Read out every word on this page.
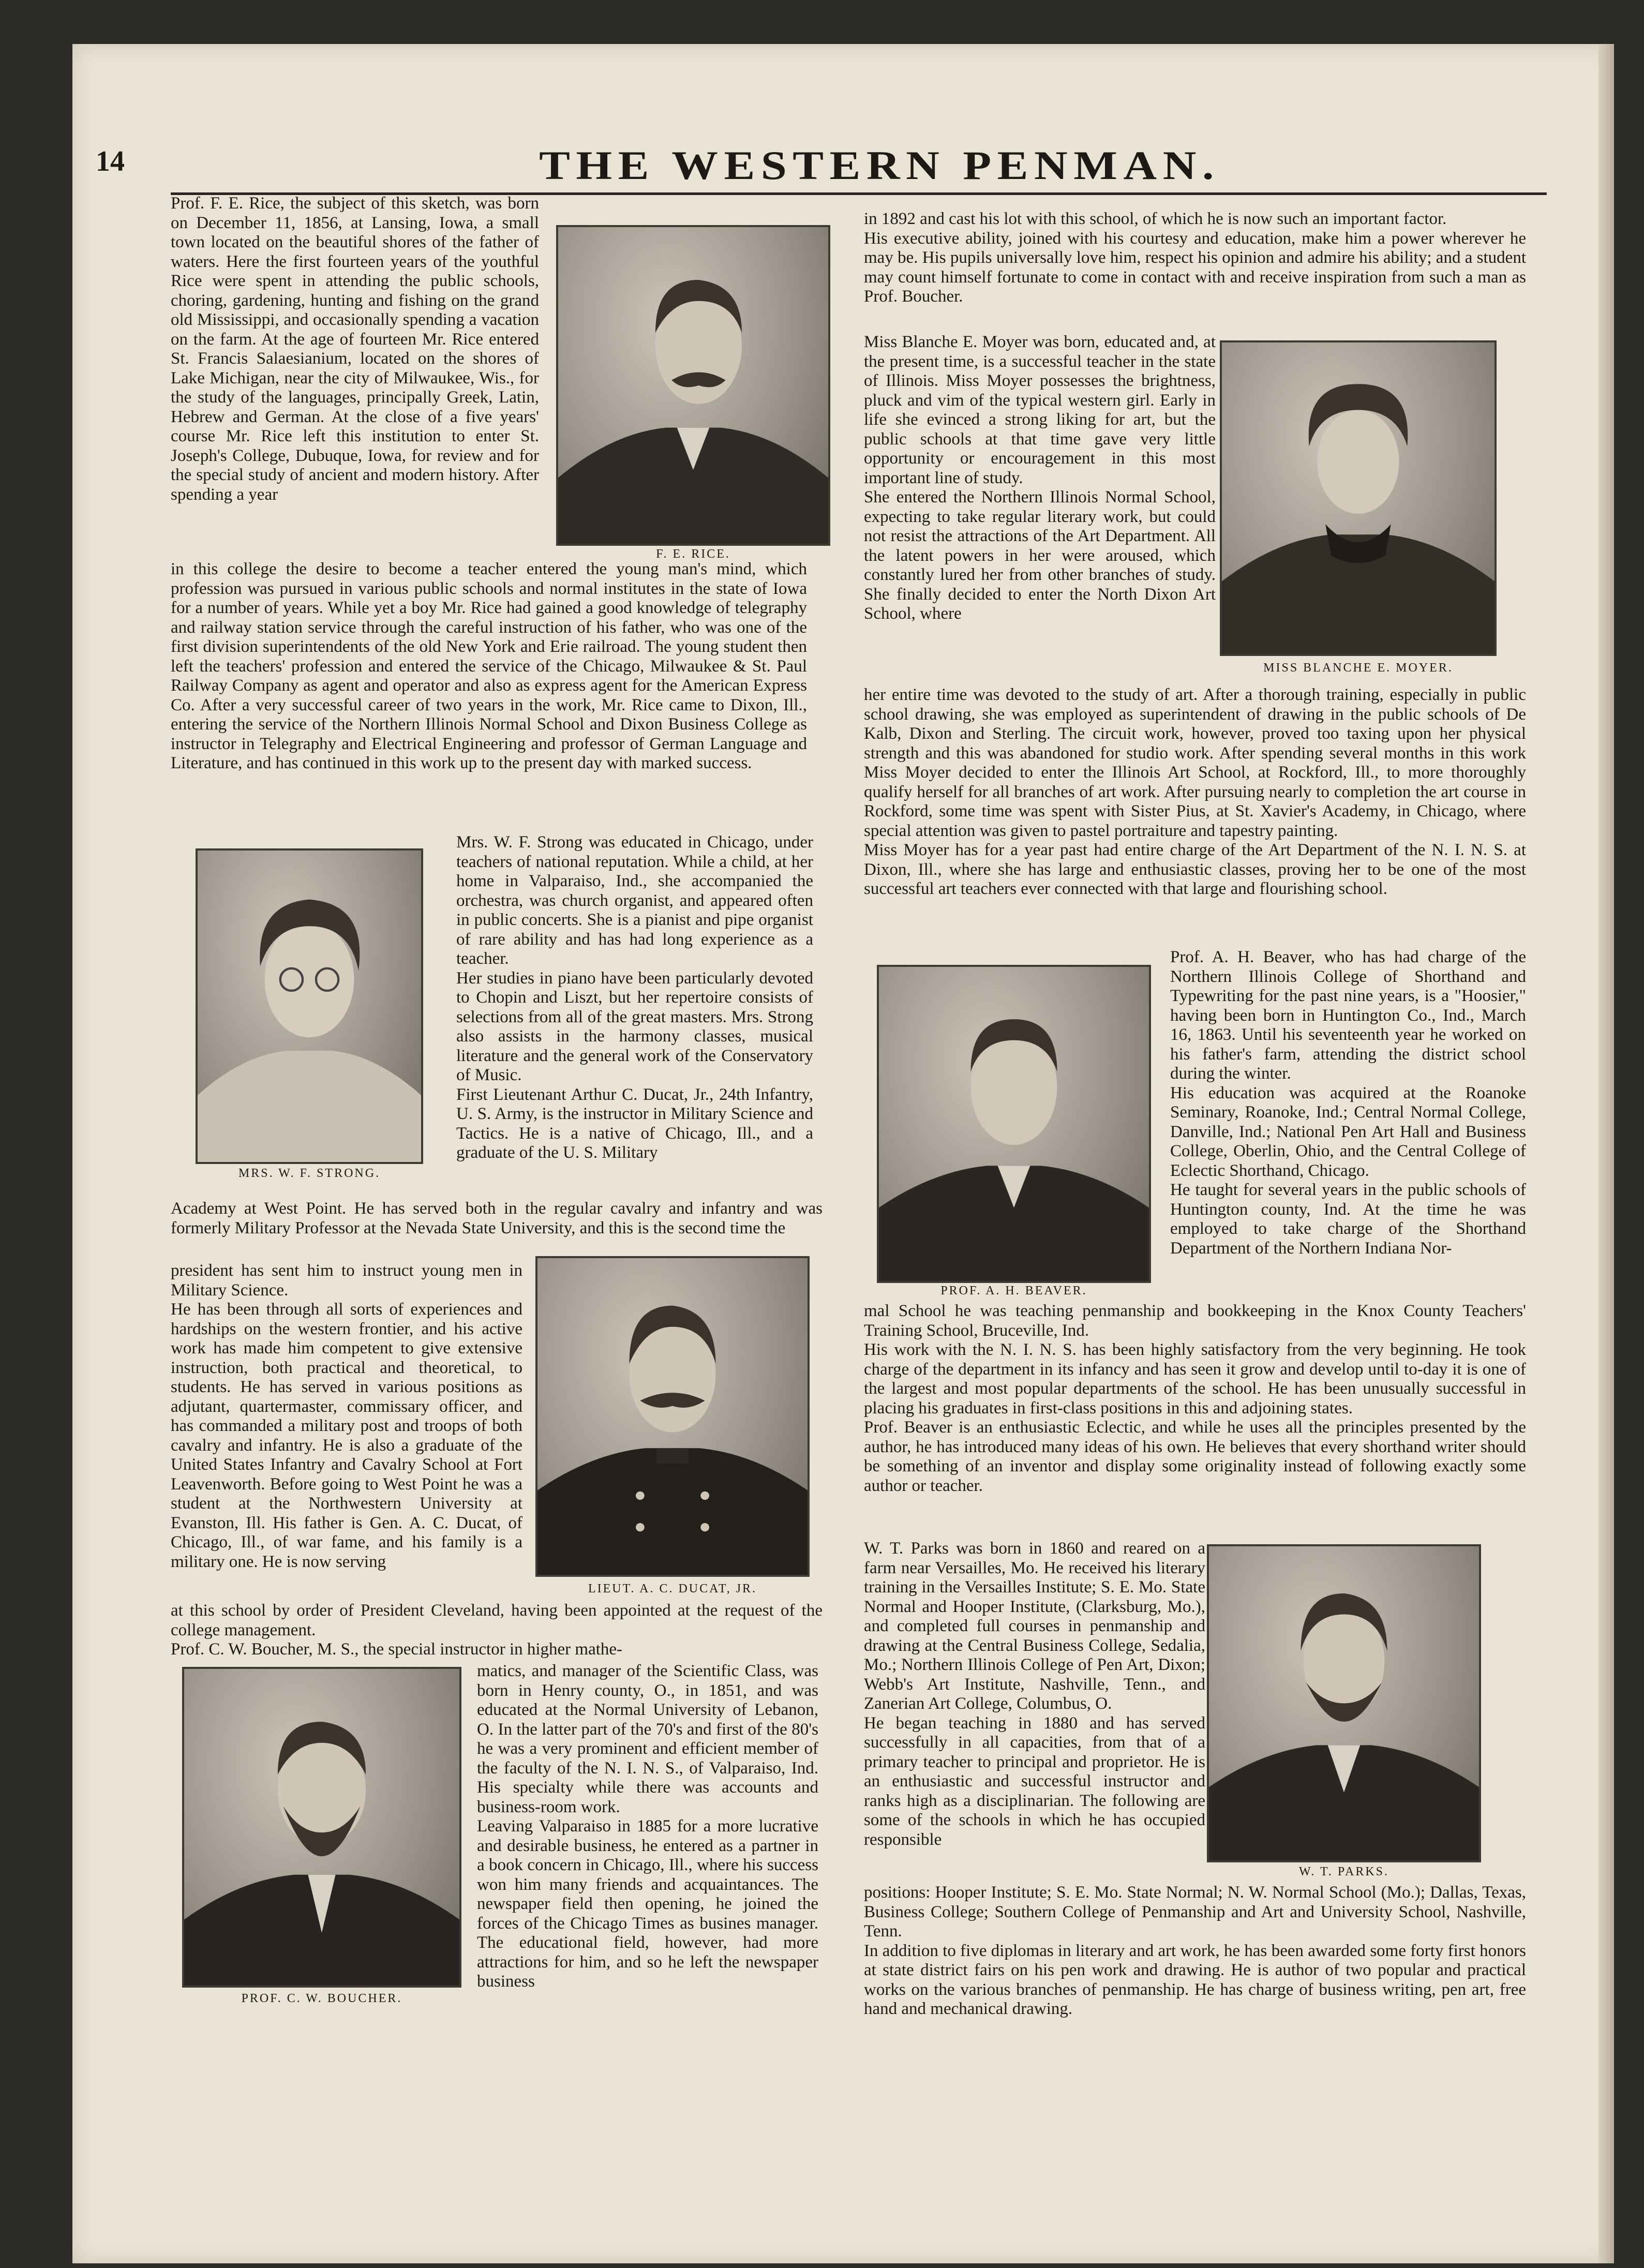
14	THE WESTERN PENMAN.

Prof. F. E. Rice, the subject of this sketch, was born on December 11, 1856, at Lansing, Iowa, a small town located on the beautiful shores of the father of waters. Here the first fourteen years of the youthful Rice were spent in attending the public schools, choring, gardening, hunting and fishing on the grand old Mississippi, and occasionally spending a vacation on the farm. At the age of fourteen Mr. Rice entered St. Francis Salaesianium, located on the shores of Lake Michigan, near the city of Milwaukee, Wis., for the study of the languages, principally Greek, Latin, Hebrew and German. At the close of a five years' course Mr. Rice left this institution to enter St. Joseph's College, Dubuque, Iowa, for review and for the special study of ancient and modern history. After spending a year

in this college the desire to become a teacher entered the young man's mind, which profession was pursued in various public schools and normal institutes in the state of Iowa for a number of years. While yet a boy Mr. Rice had gained a good knowledge of telegraphy and railway station service through the careful instruction of his father, who was one of the first division superintendents of the old New York and Erie railroad. The young student then left the teachers' profession and entered the service of the Chicago, Milwaukee & St. Paul Railway Company as agent and operator and also as express agent for the American Express Co. After a very successful career of two years in the work, Mr. Rice came to Dixon, Ill., entering the service of the Northern Illinois Normal School and Dixon Business College as instructor in Telegraphy and Electrical Engineering and professor of German Language and Literature, and has continued in this work up to the present day with marked success.

F. E. RICE.

MRS. W. F. STRONG.

Mrs. W. F. Strong was educated in Chicago, under teachers of national reputation. While a child, at her home in Valparaiso, Ind., she accompanied the orchestra, was church organist, and appeared often in public concerts. She is a pianist and pipe organist of rare ability and has had long experience as a teacher.
Her studies in piano have been particularly devoted to Chopin and Liszt, but her repertoire consists of selections from all of the great masters. Mrs. Strong also assists in the harmony classes, musical literature and the general work of the Conservatory of Music.
First Lieutenant Arthur C. Ducat, Jr., 24th Infantry, U. S. Army, is the instructor in Military Science and Tactics. He is a native of Chicago, Ill., and a graduate of the U. S. Military

Academy at West Point. He has served both in the regular cavalry and infantry and was formerly Military Professor at the Nevada State University, and this is the second time the

president has sent him to instruct young men in Military Science.
He has been through all sorts of experiences and hardships on the western frontier, and his active work has made him competent to give extensive instruction, both practical and theoretical, to students. He has served in various positions as adjutant, quartermaster, commissary officer, and has commanded a military post and troops of both cavalry and infantry. He is also a graduate of the United States Infantry and Cavalry School at Fort Leavenworth. Before going to West Point he was a student at the Northwestern University at Evanston, Ill. His father is Gen. A. C. Ducat, of Chicago, Ill., of war fame, and his family is a military one. He is now serving

LIEUT. A. C. DUCAT, JR.

at this school by order of President Cleveland, having been appointed at the request of the college management.
Prof. C. W. Boucher, M. S., the special instructor in higher mathe-

PROF. C. W. BOUCHER.

matics, and manager of the Scientific Class, was born in Henry county, O., in 1851, and was educated at the Normal University of Lebanon, O. In the latter part of the 70's and first of the 80's he was a very prominent and efficient member of the faculty of the N. I. N. S., of Valparaiso, Ind. His specialty while there was accounts and business-room work.
Leaving Valparaiso in 1885 for a more lucrative and desirable business, he entered as a partner in a book concern in Chicago, Ill., where his success won him many friends and acquaintances. The newspaper field then opening, he joined the forces of the Chicago Times as busines manager. The educational field, however, had more attractions for him, and so he left the newspaper business

in 1892 and cast his lot with this school, of which he is now such an important factor.
His executive ability, joined with his courtesy and education, make him a power wherever he may be. His pupils universally love him, respect his opinion and admire his ability; and a student may count himself fortunate to come in contact with and receive inspiration from such a man as Prof. Boucher.

Miss Blanche E. Moyer was born, educated and, at the present time, is a successful teacher in the state of Illinois. Miss Moyer possesses the brightness, pluck and vim of the typical western girl. Early in life she evinced a strong liking for art, but the public schools at that time gave very little opportunity or encouragement in this most important line of study.
She entered the Northern Illinois Normal School, expecting to take regular literary work, but could not resist the attractions of the Art Department. All the latent powers in her were aroused, which constantly lured her from other branches of study. She finally decided to enter the North Dixon Art School, where

MISS BLANCHE E. MOYER.

her entire time was devoted to the study of art. After a thorough training, especially in public school drawing, she was employed as superintendent of drawing in the public schools of De Kalb, Dixon and Sterling. The circuit work, however, proved too taxing upon her physical strength and this was abandoned for studio work. After spending several months in this work Miss Moyer decided to enter the Illinois Art School, at Rockford, Ill., to more thoroughly qualify herself for all branches of art work. After pursuing nearly to completion the art course in Rockford, some time was spent with Sister Pius, at St. Xavier's Academy, in Chicago, where special attention was given to pastel portraiture and tapestry painting.
Miss Moyer has for a year past had entire charge of the Art Department of the N. I. N. S. at Dixon, Ill., where she has large and enthusiastic classes, proving her to be one of the most successful art teachers ever connected with that large and flourishing school.

PROF. A. H. BEAVER.

Prof. A. H. Beaver, who has had charge of the Northern Illinois College of Shorthand and Typewriting for the past nine years, is a "Hoosier," having been born in Huntington Co., Ind., March 16, 1863. Until his seventeenth year he worked on his father's farm, attending the district school during the winter.
His education was acquired at the Roanoke Seminary, Roanoke, Ind.; Central Normal College, Danville, Ind.; National Pen Art Hall and Business College, Oberlin, Ohio, and the Central College of Eclectic Shorthand, Chicago.
He taught for several years in the public schools of Huntington county, Ind. At the time he was employed to take charge of the Shorthand Department of the Northern Indiana Nor-

mal School he was teaching penmanship and bookkeeping in the Knox County Teachers' Training School, Bruceville, Ind.
His work with the N. I. N. S. has been highly satisfactory from the very beginning. He took charge of the department in its infancy and has seen it grow and develop until to-day it is one of the largest and most popular departments of the school. He has been unusually successful in placing his graduates in first-class positions in this and adjoining states.
Prof. Beaver is an enthusiastic Eclectic, and while he uses all the principles presented by the author, he has introduced many ideas of his own. He believes that every shorthand writer should be something of an inventor and display some originality instead of following exactly some author or teacher.

W. T. Parks was born in 1860 and reared on a farm near Versailles, Mo. He received his literary training in the Versailles Institute; S. E. Mo. State Normal and Hooper Institute, (Clarksburg, Mo.), and completed full courses in penmanship and drawing at the Central Business College, Sedalia, Mo.; Northern Illinois College of Pen Art, Dixon; Webb's Art Institute, Nashville, Tenn., and Zanerian Art College, Columbus, O.
He began teaching in 1880 and has served successfully in all capacities, from that of a primary teacher to principal and proprietor. He is an enthusiastic and successful instructor and ranks high as a disciplinarian. The following are some of the schools in which he has occupied responsible

W. T. PARKS.

positions: Hooper Institute; S. E. Mo. State Normal; N. W. Normal School (Mo.); Dallas, Texas, Business College; Southern College of Penmanship and Art and University School, Nashville, Tenn.
In addition to five diplomas in literary and art work, he has been awarded some forty first honors at state district fairs on his pen work and drawing. He is author of two popular and practical works on the various branches of penmanship. He has charge of business writing, pen art, free hand and mechanical drawing.
